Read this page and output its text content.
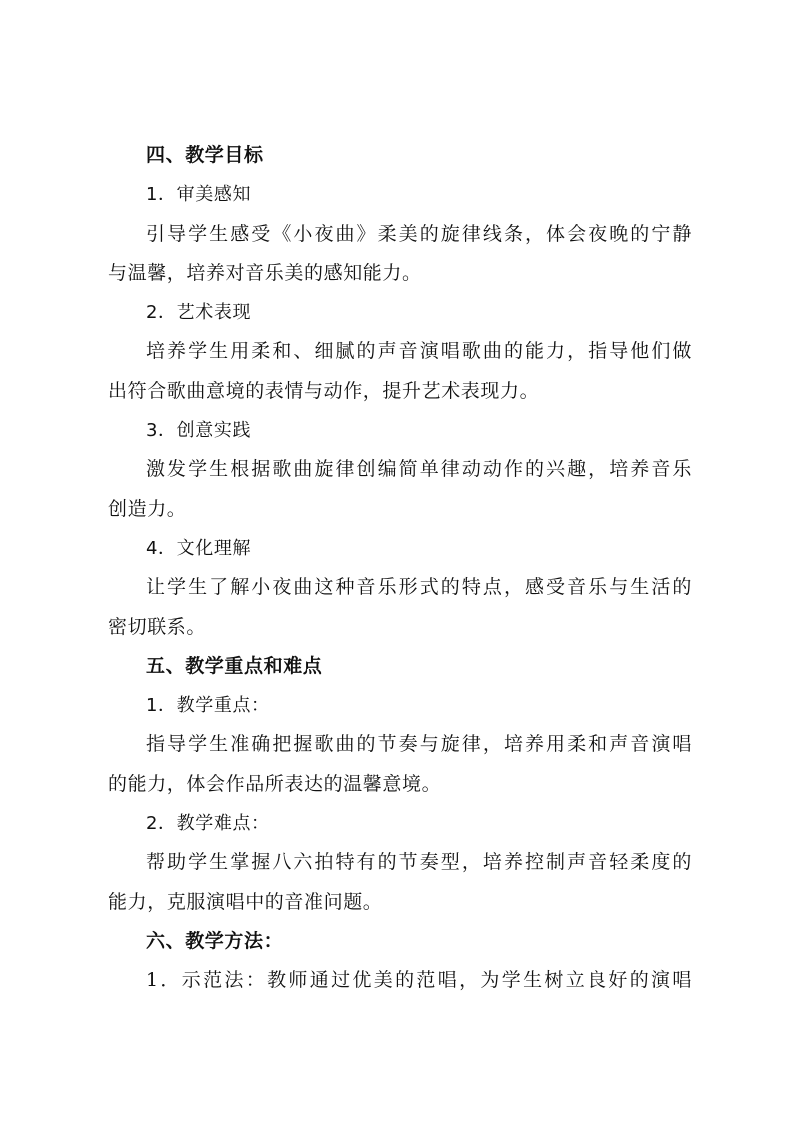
四、教学目标
1．审美感知
引导学生感受《小夜曲》柔美的旋律线条，体会夜晚的宁静
与温馨，培养对音乐美的感知能力。
2．艺术表现
培养学生用柔和、细腻的声音演唱歌曲的能力，指导他们做
出符合歌曲意境的表情与动作，提升艺术表现力。
3．创意实践
激发学生根据歌曲旋律创编简单律动动作的兴趣，培养音乐
创造力。
4．文化理解
让学生了解小夜曲这种音乐形式的特点，感受音乐与生活的
密切联系。
五、教学重点和难点
1．教学重点：
指导学生准确把握歌曲的节奏与旋律，培养用柔和声音演唱
的能力，体会作品所表达的温馨意境。
2．教学难点：
帮助学生掌握八六拍特有的节奏型，培养控制声音轻柔度的
能力，克服演唱中的音准问题。
六、教学方法：
1．示范法：教师通过优美的范唱，为学生树立良好的演唱
